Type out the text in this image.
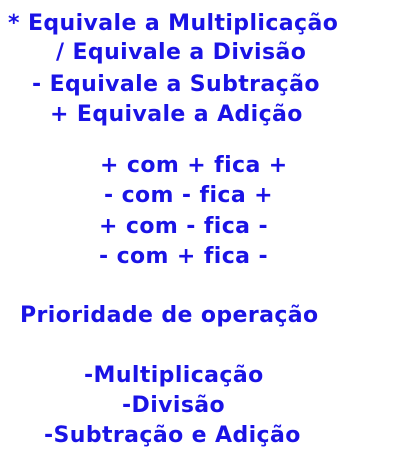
* Equivale a Multiplicação
/ Equivale a Divisão
- Equivale a Subtração
+ Equivale a Adição
+ com + fica +
- com - fica +
+ com - fica -
- com + fica -
Prioridade de operação
-Multiplicação
-Divisão
-Subtração e Adição
